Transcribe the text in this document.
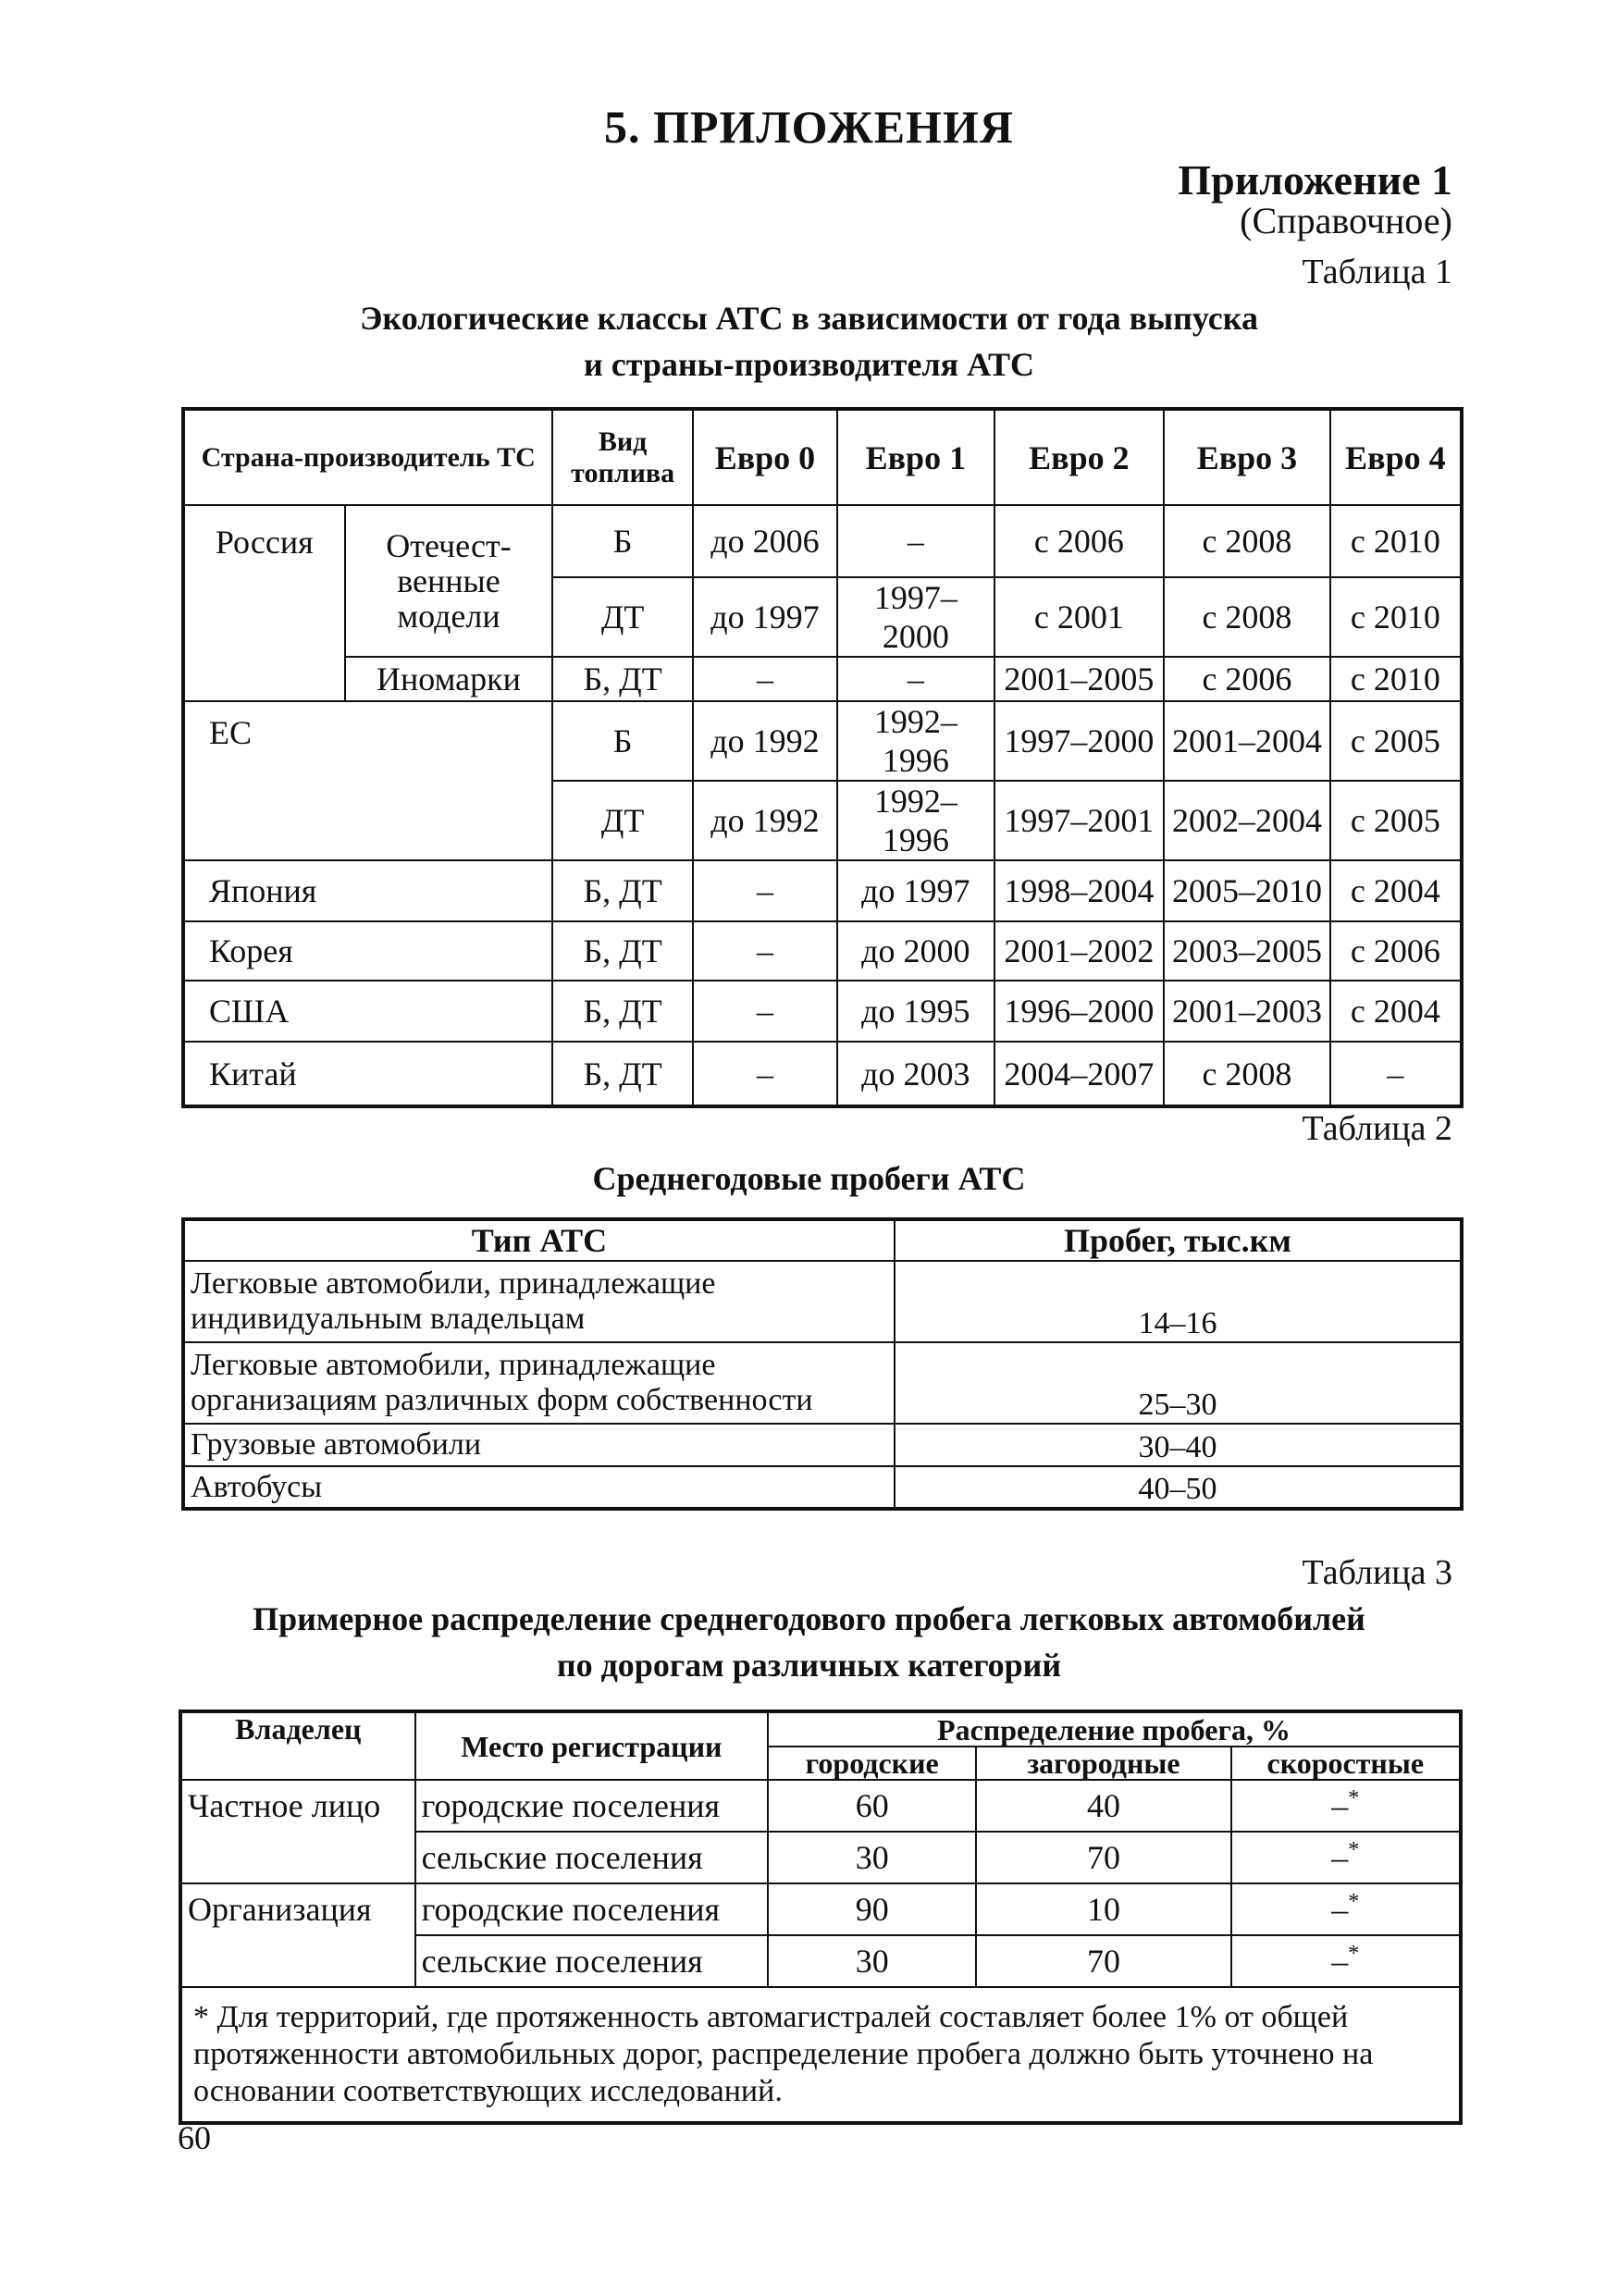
5. ПРИЛОЖЕНИЯ
Приложение 1
(Справочное)
Таблица 1
Экологические классы АТС в зависимости от года выпуска
и страны-производителя АТС
Страна-производитель ТС		Вид топлива	Евро 0	Евро 1	Евро 2	Евро 3	Евро 4
Россия	Отечест-венные модели	Б	до 2006	–	с 2006	с 2008	с 2010
		ДТ	до 1997	1997–2000	с 2001	с 2008	с 2010
	Иномарки	Б, ДТ	–	–	2001–2005	с 2006	с 2010
ЕС		Б	до 1992	1992–1996	1997–2000	2001–2004	с 2005
		ДТ	до 1992	1992–1996	1997–2001	2002–2004	с 2005
Япония		Б, ДТ	–	до 1997	1998–2004	2005–2010	с 2004
Корея		Б, ДТ	–	до 2000	2001–2002	2003–2005	с 2006
США		Б, ДТ	–	до 1995	1996–2000	2001–2003	с 2004
Китай		Б, ДТ	–	до 2003	2004–2007	с 2008	–
Таблица 2
Среднегодовые пробеги АТС
Тип АТС	Пробег, тыс.км
Легковые автомобили, принадлежащие индивидуальным владельцам	14–16
Легковые автомобили, принадлежащие организациям различных форм собственности	25–30
Грузовые автомобили	30–40
Автобусы	40–50
Таблица 3
Примерное распределение среднегодового пробега легковых автомобилей
по дорогам различных категорий
Владелец	Место регистрации	Распределение пробега, %		
		городские	загородные	скоростные
Частное лицо	городские поселения	60	40	–*
	сельские поселения	30	70	–*
Организация	городские поселения	90	10	–*
	сельские поселения	30	70	–*
* Для территорий, где протяженность автомагистралей составляет более 1% от общей протяженности автомобильных дорог, распределение пробега должно быть уточнено на основании соответствующих исследований.				
60
